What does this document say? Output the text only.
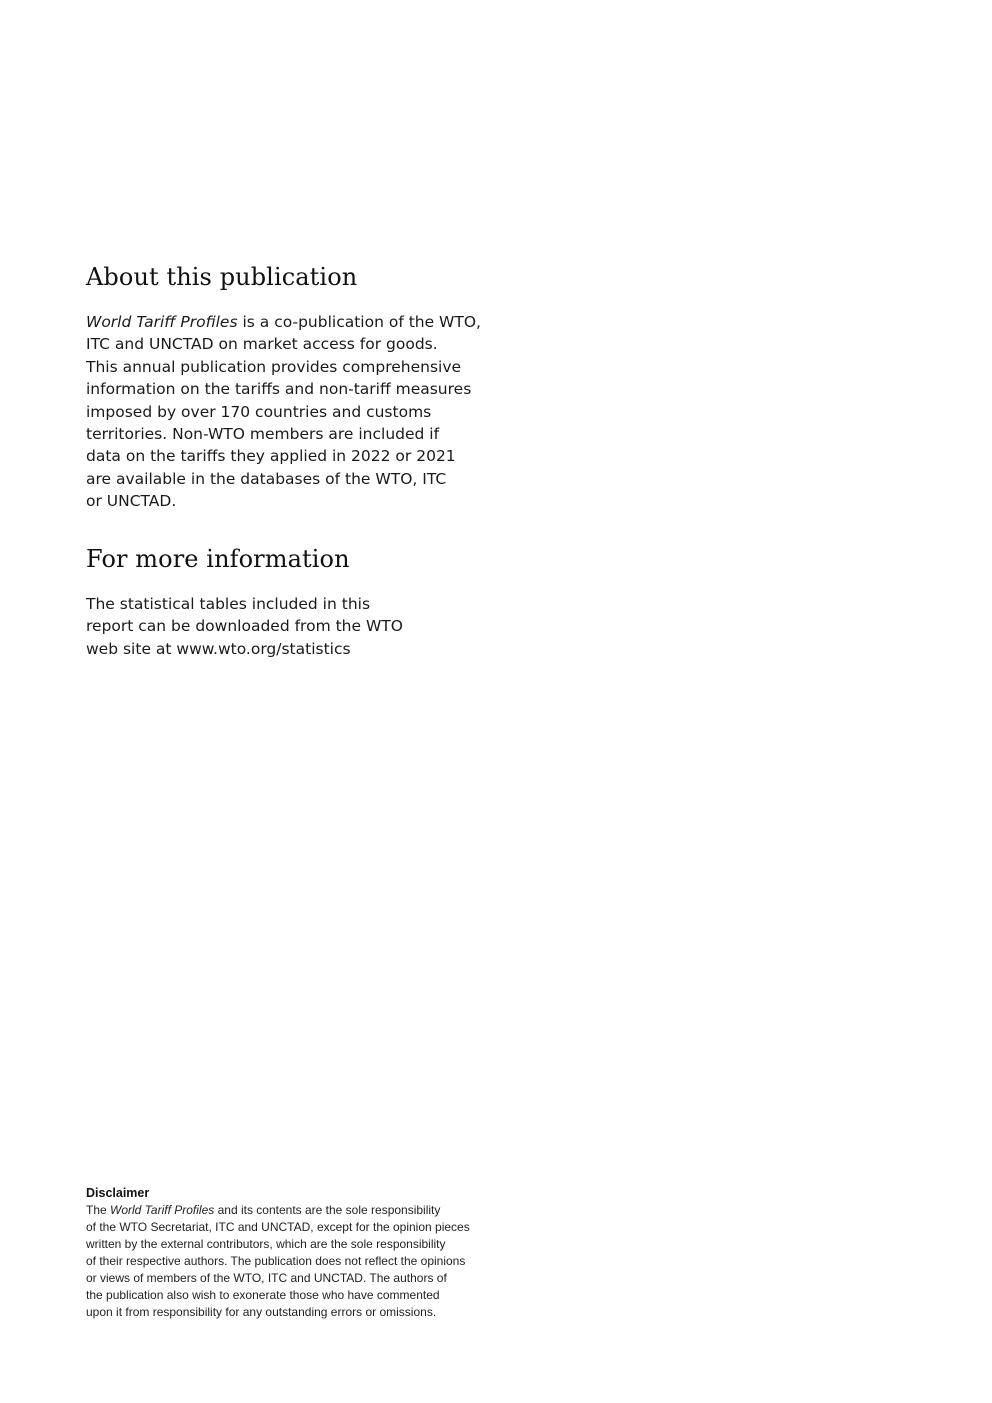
About this publication

World Tariff Profiles is a co-publication of the WTO,
ITC and UNCTAD on market access for goods.
This annual publication provides comprehensive
information on the tariffs and non-tariff measures
imposed by over 170 countries and customs
territories. Non-WTO members are included if
data on the tariffs they applied in 2022 or 2021
are available in the databases of the WTO, ITC
or UNCTAD.

For more information

The statistical tables included in this
report can be downloaded from the WTO
web site at www.wto.org/statistics

Disclaimer

The World Tariff Profiles and its contents are the sole responsibility
of the WTO Secretariat, ITC and UNCTAD, except for the opinion pieces
written by the external contributors, which are the sole responsibility
of their respective authors. The publication does not reflect the opinions
or views of members of the WTO, ITC and UNCTAD. The authors of
the publication also wish to exonerate those who have commented
upon it from responsibility for any outstanding errors or omissions.
